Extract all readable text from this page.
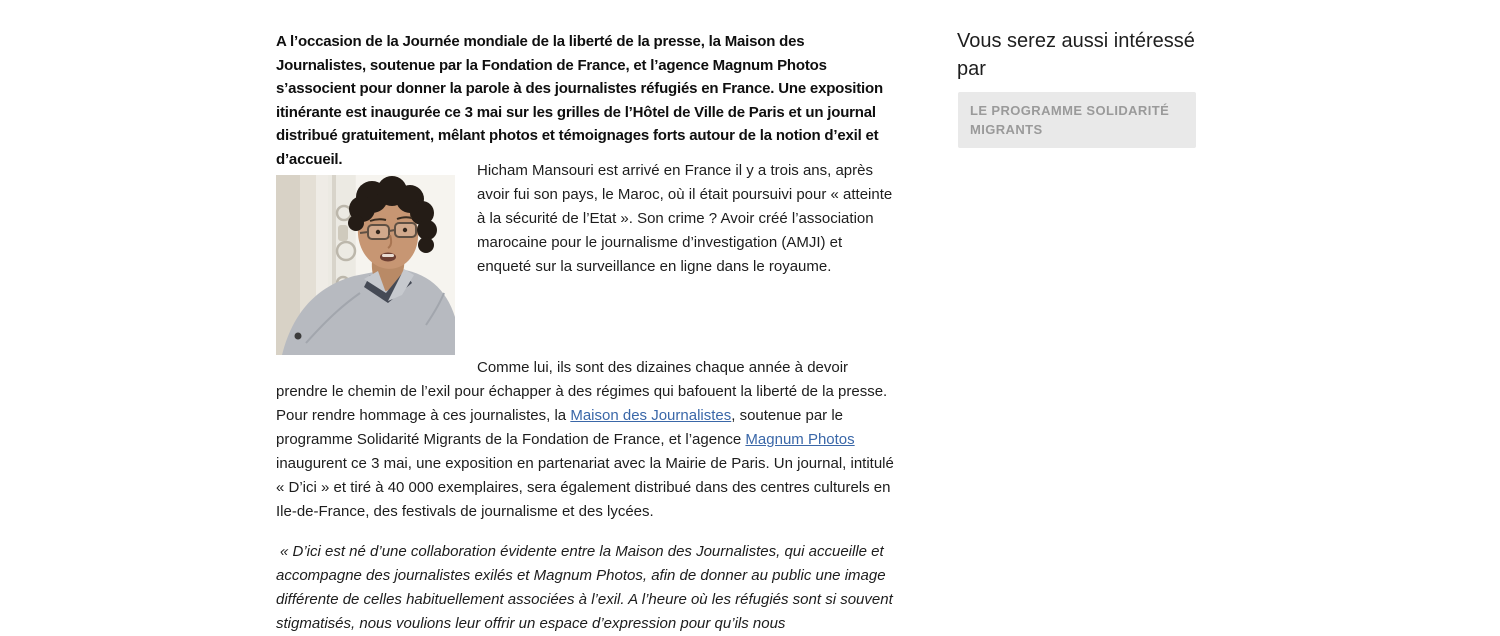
A l’occasion de la Journée mondiale de la liberté de la presse, la Maison des Journalistes, soutenue par la Fondation de France, et l’agence Magnum Photos s’associent pour donner la parole à des journalistes réfugiés en France. Une exposition itinérante est inaugurée ce 3 mai sur les grilles de l’Hôtel de Ville de Paris et un journal distribué gratuitement, mêlant photos et témoignages forts autour de la notion d’exil et d’accueil.

Hicham Mansouri est arrivé en France il y a trois ans, après avoir fui son pays, le Maroc, où il était poursuivi pour « atteinte à la sécurité de l’Etat ». Son crime ? Avoir créé l’association marocaine pour le journalisme d’investigation (AMJI) et enqueté sur la surveillance en ligne dans le royaume.

Comme lui, ils sont des dizaines chaque année à devoir prendre le chemin de l’exil pour échapper à des régimes qui bafouent la liberté de la presse. Pour rendre hommage à ces journalistes, la Maison des Journalistes, soutenue par le programme Solidarité Migrants de la Fondation de France, et l’agence Magnum Photos inaugurent ce 3 mai, une exposition en partenariat avec la Mairie de Paris. Un journal, intitulé « D’ici » et tiré à 40 000 exemplaires, sera également distribué dans des centres culturels en Ile-de-France, des festivals de journalisme et des lycées.

« D’ici est né d’une collaboration évidente entre la Maison des Journalistes, qui accueille et accompagne des journalistes exilés et Magnum Photos, afin de donner au public une image différente de celles habituellement associées à l’exil. A l’heure où les réfugiés sont si souvent stigmatisés, nous voulions leur offrir un espace d’expression pour qu’ils nous

Vous serez aussi intéressé par
LE PROGRAMME SOLIDARITÉ MIGRANTS
